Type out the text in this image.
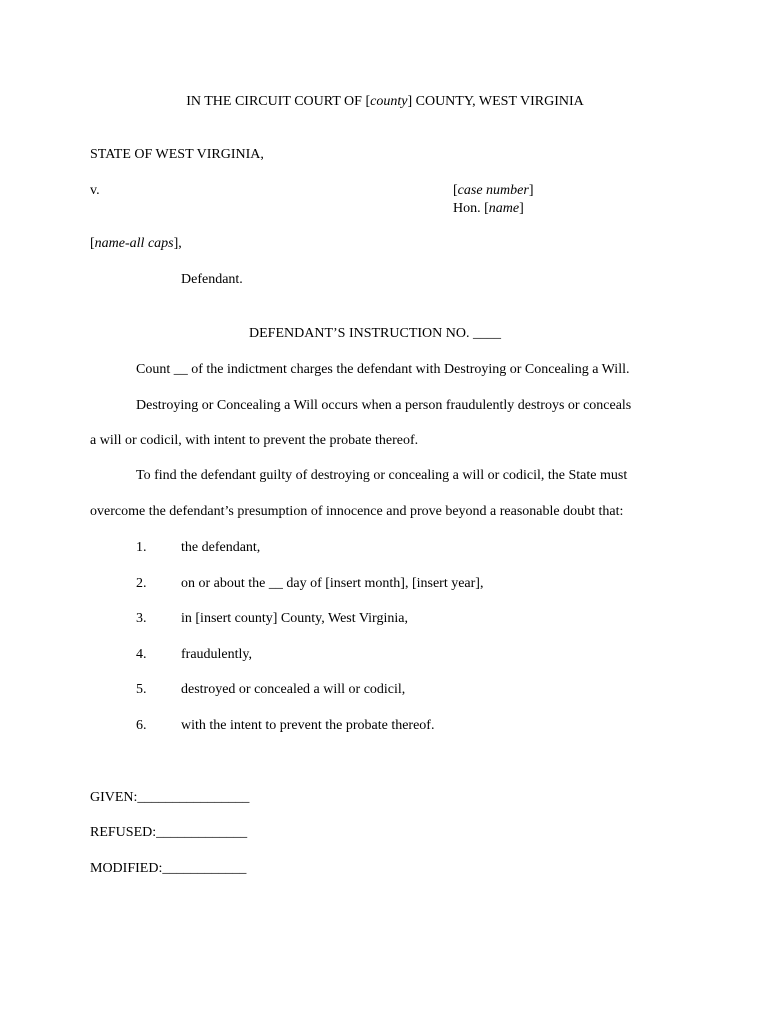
IN THE CIRCUIT COURT OF [county] COUNTY, WEST VIRGINIA
STATE OF WEST VIRGINIA,
v.	[case number]
Hon. [name]
[name-all caps],
Defendant.
DEFENDANT’S INSTRUCTION NO. ____
Count __ of the indictment charges the defendant with Destroying or Concealing a Will.
Destroying or Concealing a Will occurs when a person fraudulently destroys or conceals
a will or codicil, with intent to prevent the probate thereof.
To find the defendant guilty of destroying or concealing a will or codicil, the State must
overcome the defendant’s presumption of innocence and prove beyond a reasonable doubt that:
1. the defendant,
2. on or about the __ day of [insert month], [insert year],
3. in [insert county] County, West Virginia,
4. fraudulently,
5. destroyed or concealed a will or codicil,
6. with the intent to prevent the probate thereof.
GIVEN:________________
REFUSED:_____________
MODIFIED:____________
